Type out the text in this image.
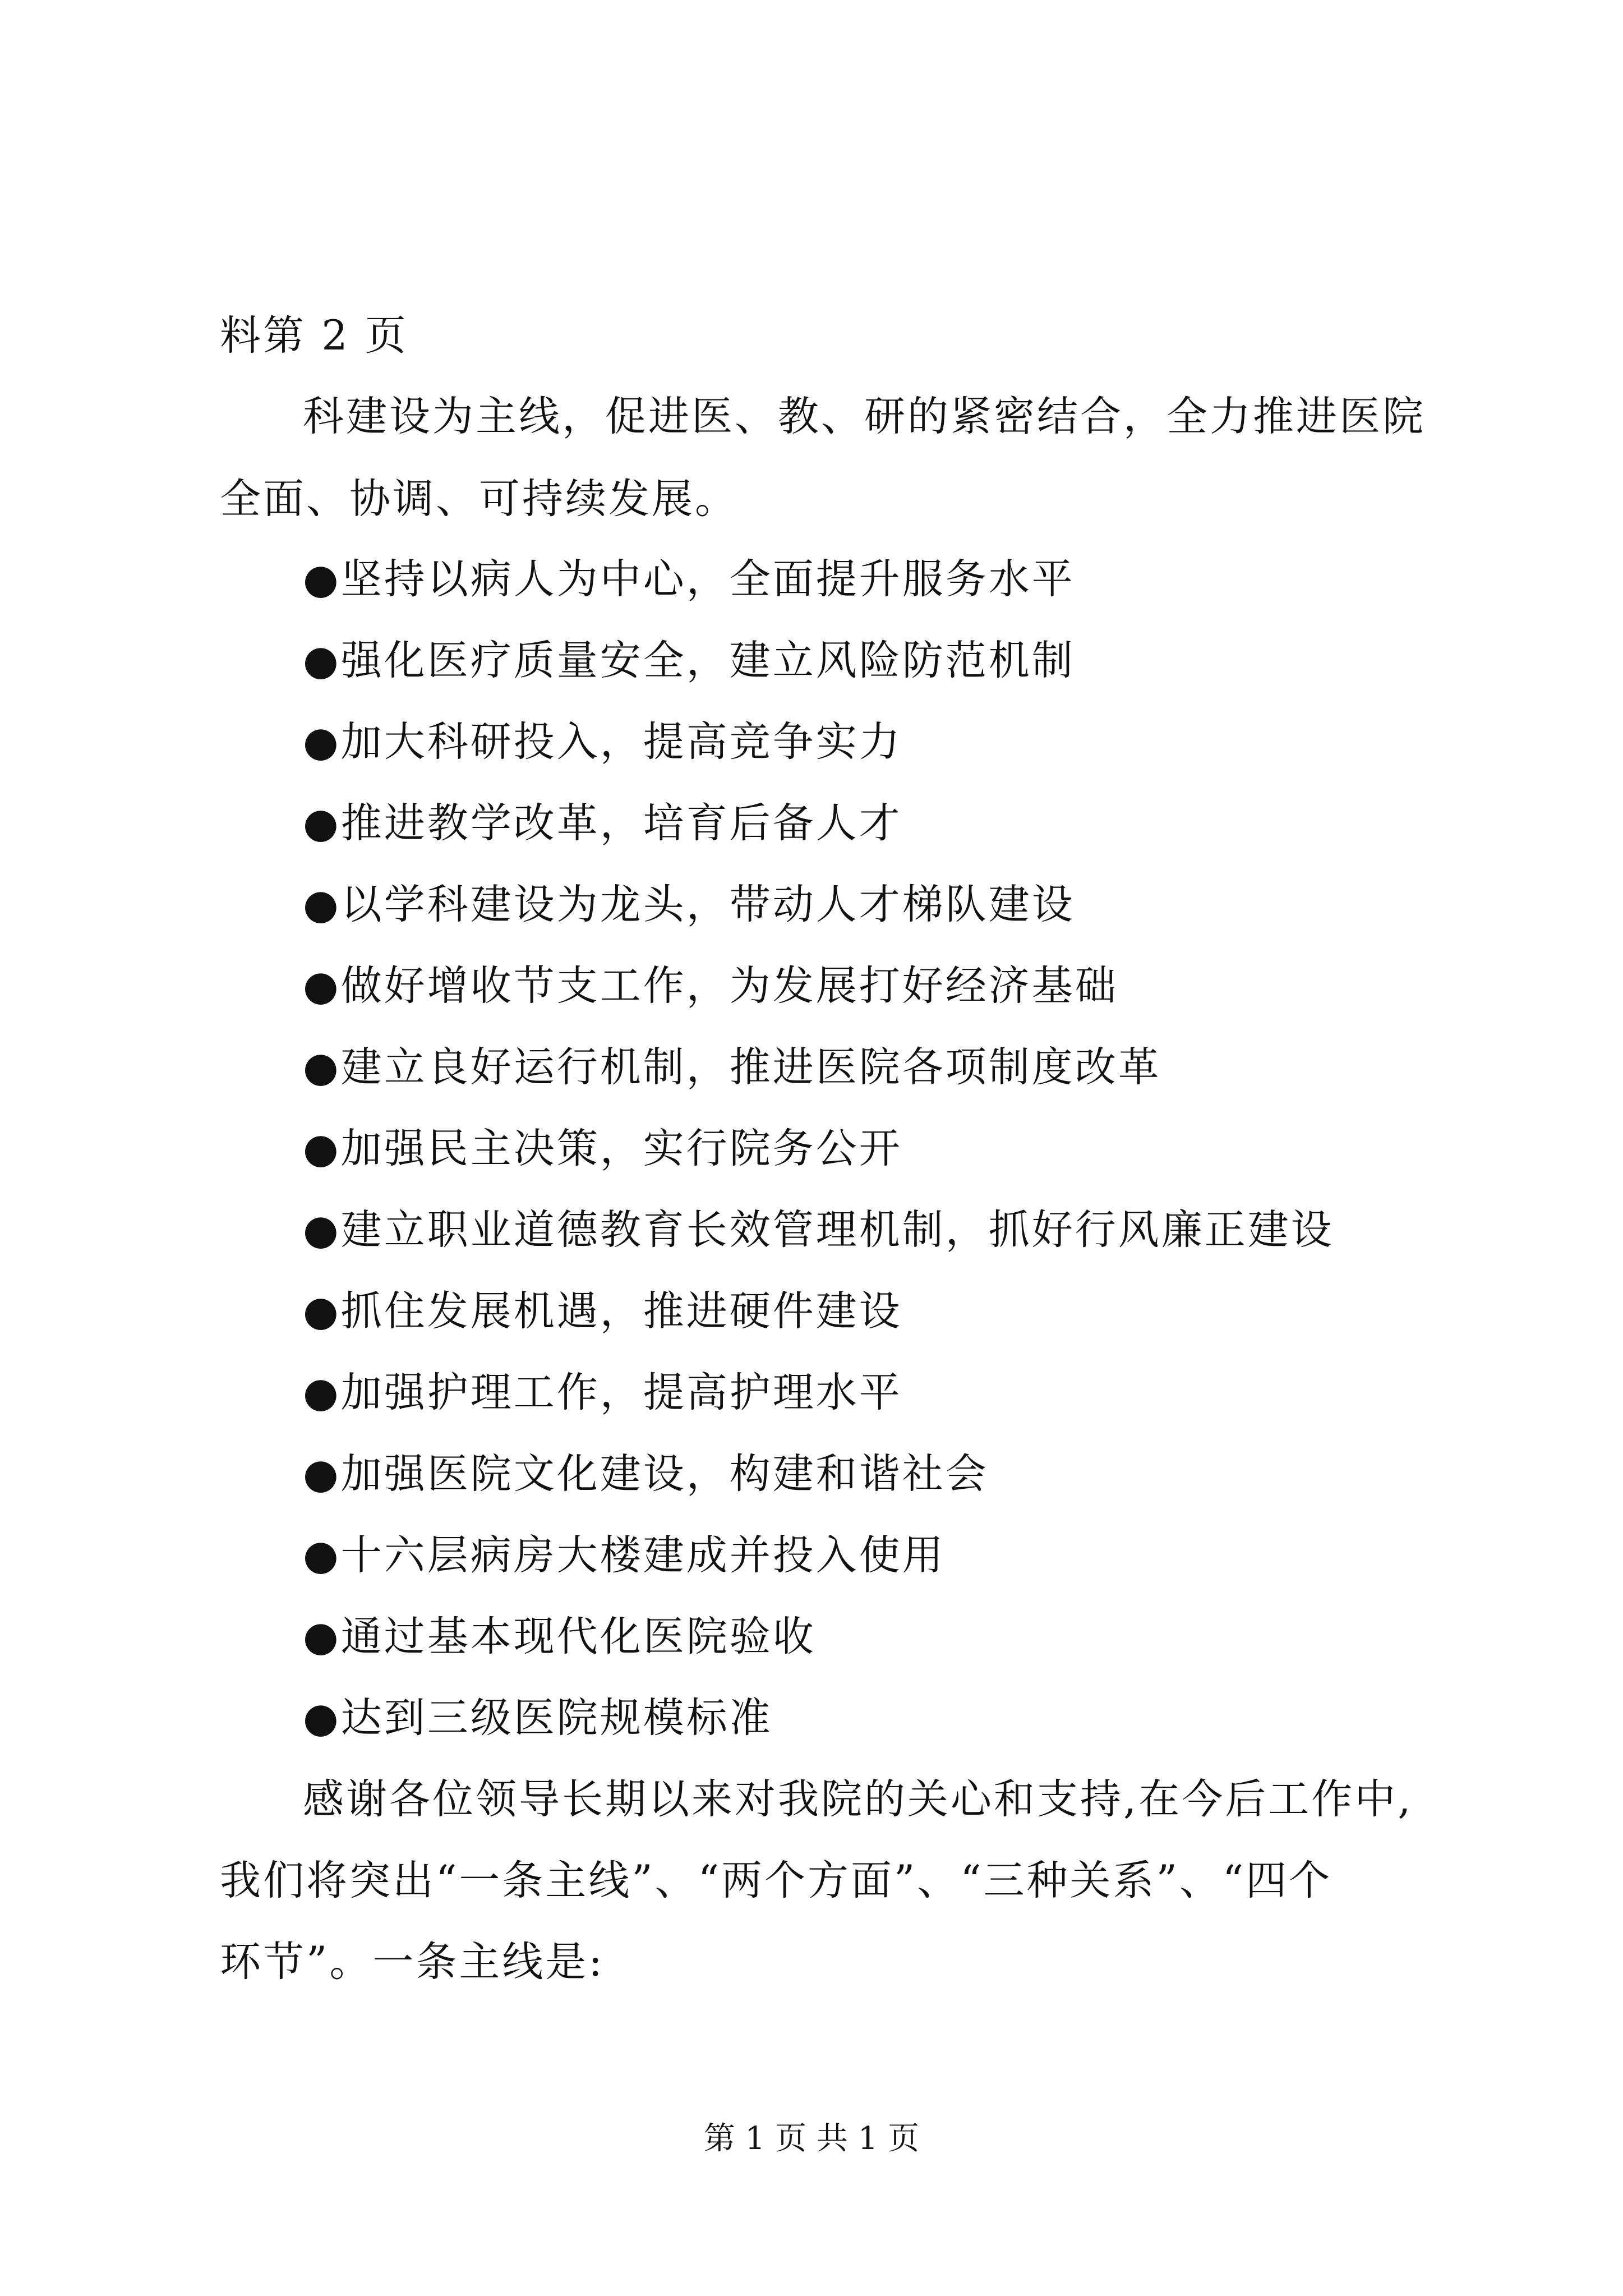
料第 2 页
科建设为主线，促进医、教、研的紧密结合，全力推进医院
全面、协调、可持续发展。
●坚持以病人为中心，全面提升服务水平
●强化医疗质量安全，建立风险防范机制
●加大科研投入，提高竞争实力
●推进教学改革，培育后备人才
●以学科建设为龙头，带动人才梯队建设
●做好增收节支工作，为发展打好经济基础
●建立良好运行机制，推进医院各项制度改革
●加强民主决策，实行院务公开
●建立职业道德教育长效管理机制，抓好行风廉正建设
●抓住发展机遇，推进硬件建设
●加强护理工作，提高护理水平
●加强医院文化建设，构建和谐社会
●十六层病房大楼建成并投入使用
●通过基本现代化医院验收
●达到三级医院规模标准
感谢各位领导长期以来对我院的关心和支持,在今后工作中,
我们将突出“一条主线”、“两个方面”、“三种关系”、“四个
环节”。一条主线是:
第 1 页 共 1 页
